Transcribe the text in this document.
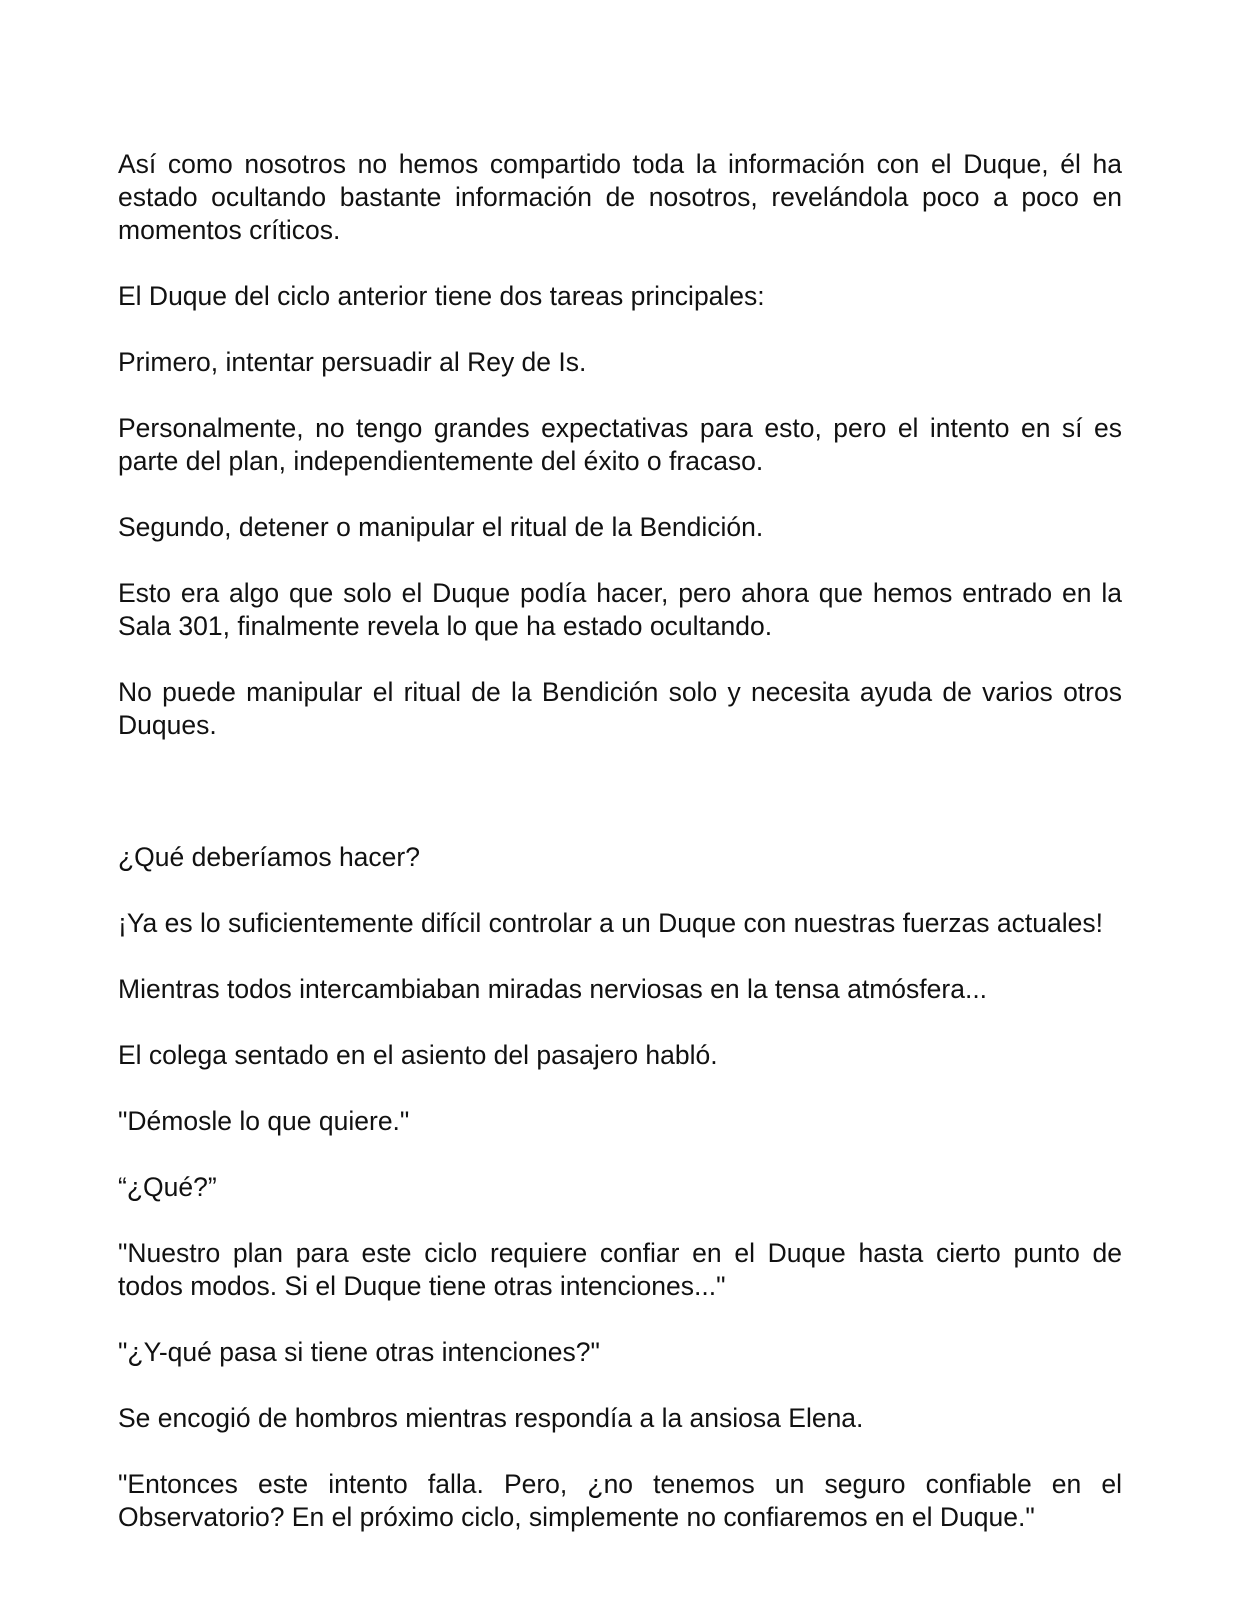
Así como nosotros no hemos compartido toda la información con el Duque, él ha estado ocultando bastante información de nosotros, revelándola poco a poco en momentos críticos.

El Duque del ciclo anterior tiene dos tareas principales:

Primero, intentar persuadir al Rey de Is.

Personalmente, no tengo grandes expectativas para esto, pero el intento en sí es parte del plan, independientemente del éxito o fracaso.

Segundo, detener o manipular el ritual de la Bendición.

Esto era algo que solo el Duque podía hacer, pero ahora que hemos entrado en la Sala 301, finalmente revela lo que ha estado ocultando.

No puede manipular el ritual de la Bendición solo y necesita ayuda de varios otros Duques.

¿Qué deberíamos hacer?

¡Ya es lo suficientemente difícil controlar a un Duque con nuestras fuerzas actuales!

Mientras todos intercambiaban miradas nerviosas en la tensa atmósfera...

El colega sentado en el asiento del pasajero habló.

"Démosle lo que quiere."

“¿Qué?”

"Nuestro plan para este ciclo requiere confiar en el Duque hasta cierto punto de todos modos. Si el Duque tiene otras intenciones..."

"¿Y-qué pasa si tiene otras intenciones?"

Se encogió de hombros mientras respondía a la ansiosa Elena.

"Entonces este intento falla. Pero, ¿no tenemos un seguro confiable en el Observatorio? En el próximo ciclo, simplemente no confiaremos en el Duque."
